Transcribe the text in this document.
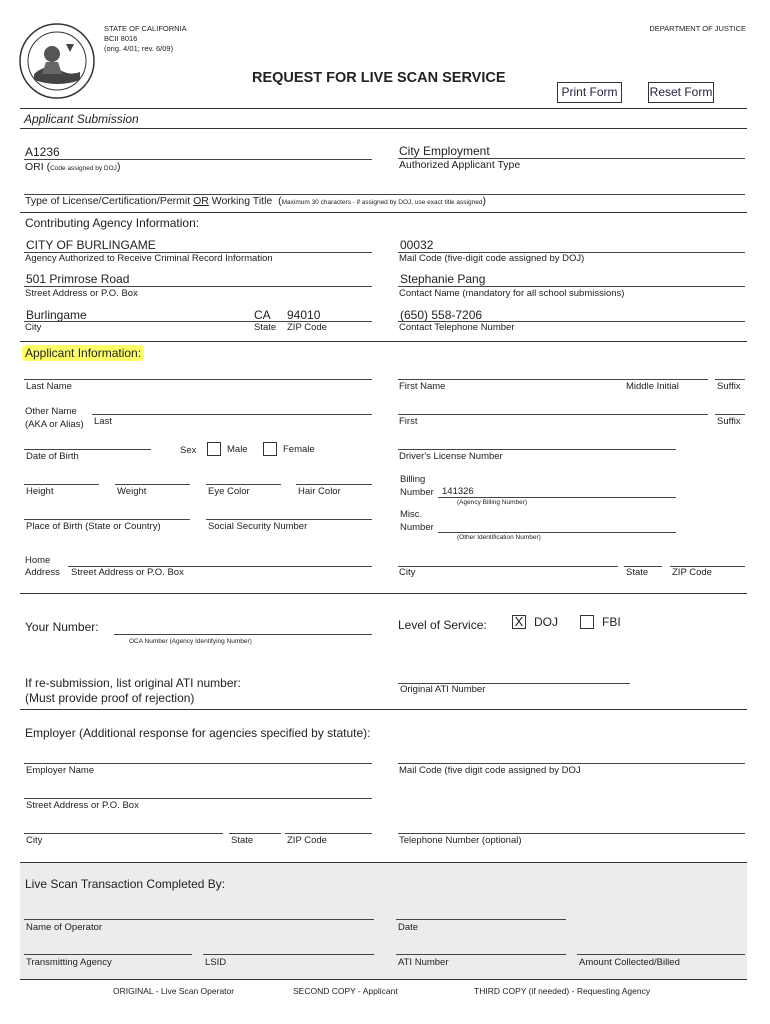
STATE OF CALIFORNIA
BCII 8016
(orig. 4/01; rev. 6/09)
DEPARTMENT OF JUSTICE
REQUEST FOR LIVE SCAN SERVICE
Print Form	Reset Form
Applicant Submission
A1236
ORI (Code assigned by DOJ)
City Employment
Authorized Applicant Type
Type of License/Certification/Permit OR Working Title (Maximum 30 characters - if assigned by DOJ, use exact title assigned)
Contributing Agency Information:
CITY OF BURLINGAME
Agency Authorized to Receive Criminal Record Information
00032
Mail Code (five-digit code assigned by DOJ)
501 Primrose Road
Street Address or P.O. Box
Stephanie Pang
Contact Name (mandatory for all school submissions)
Burlingame
City
CA
State
94010
ZIP Code
(650) 558-7206
Contact Telephone Number
Applicant Information:
Last Name	First Name	Middle Initial	Suffix
Other Name
(AKA or Alias) Last	First	Suffix
Date of Birth
Sex	Male	Female
Driver's License Number
Height	Weight	Eye Color	Hair Color
Billing
Number 141326
(Agency Billing Number)
Place of Birth (State or Country)	Social Security Number
Misc.
Number
(Other Identification Number)
Home
Address Street Address or P.O. Box	City	State	ZIP Code
Your Number:
OCA Number (Agency Identifying Number)
Level of Service: X DOJ	FBI
If re-submission, list original ATI number:
(Must provide proof of rejection)
Original ATI Number
Employer (Additional response for agencies specified by statute):
Employer Name	Mail Code (five digit code assigned by DOJ
Street Address or P.O. Box
City	State	ZIP Code	Telephone Number (optional)
Live Scan Transaction Completed By:
Name of Operator	Date
Transmitting Agency	LSID	ATI Number	Amount Collected/Billed
ORIGINAL - Live Scan Operator	SECOND COPY - Applicant	THIRD COPY (if needed) - Requesting Agency
